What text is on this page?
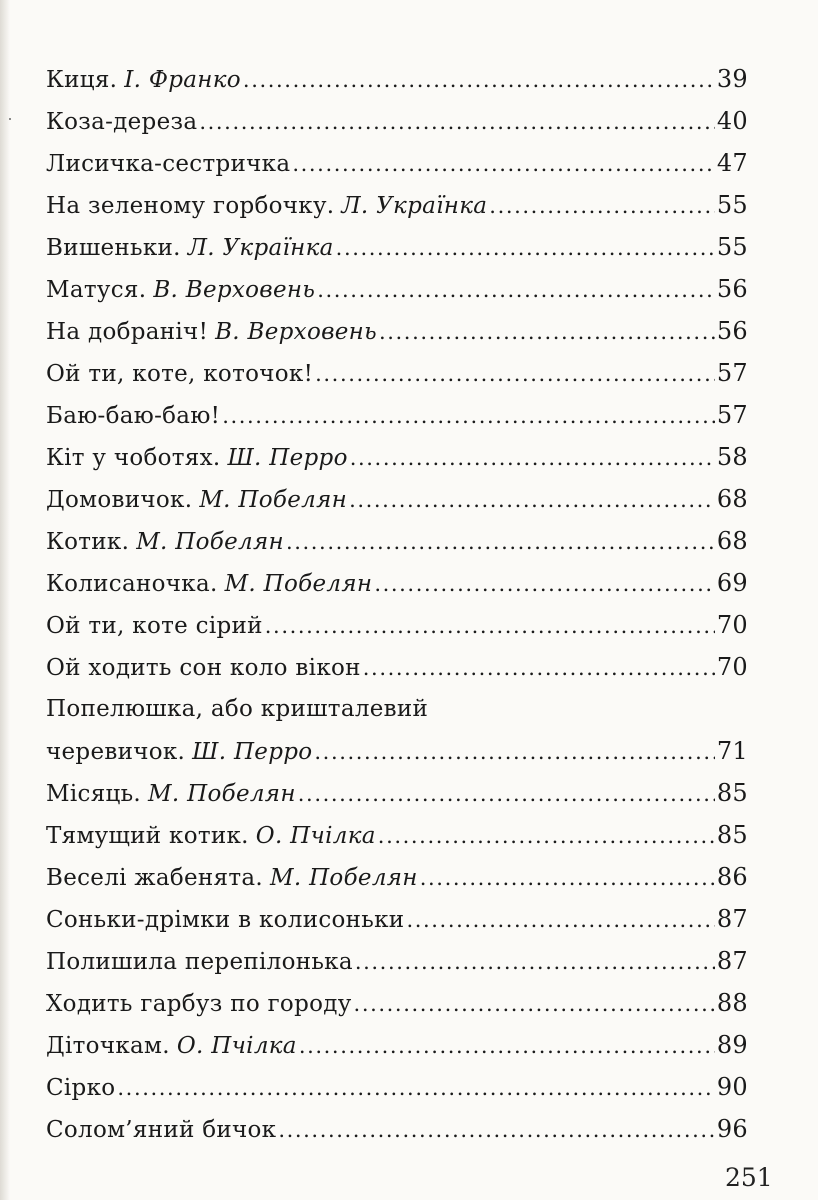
Киця. І. Франко .....	39
Коза-дереза .....	40
Лисичка-сестричка .....	47
На зеленому горбочку. Л. Українка .....	55
Вишеньки. Л. Українка .....	55
Матуся. В. Верховень .....	56
На добраніч! В. Верховень .....	56
Ой ти, коте, коточок! .....	57
Баю-баю-баю! .....	57
Кіт у чоботях. Ш. Перро .....	58
Домовичок. М. Побелян .....	68
Котик. М. Побелян .....	68
Колисаночка. М. Побелян .....	69
Ой ти, коте сірий .....	70
Ой ходить сон коло вікон .....	70
Попелюшка, або кришталевий
черевичок. Ш. Перро .....	71
Місяць. М. Побелян .....	85
Тямущий котик. О. Пчілка .....	85
Веселі жабенята. М. Побелян .....	86
Соньки-дрімки в колисоньки .....	87
Полишила перепілонька .....	87
Ходить гарбуз по городу .....	88
Діточкам. О. Пчілка .....	89
Сірко .....	90
Солом’яний бичок .....	96
251
